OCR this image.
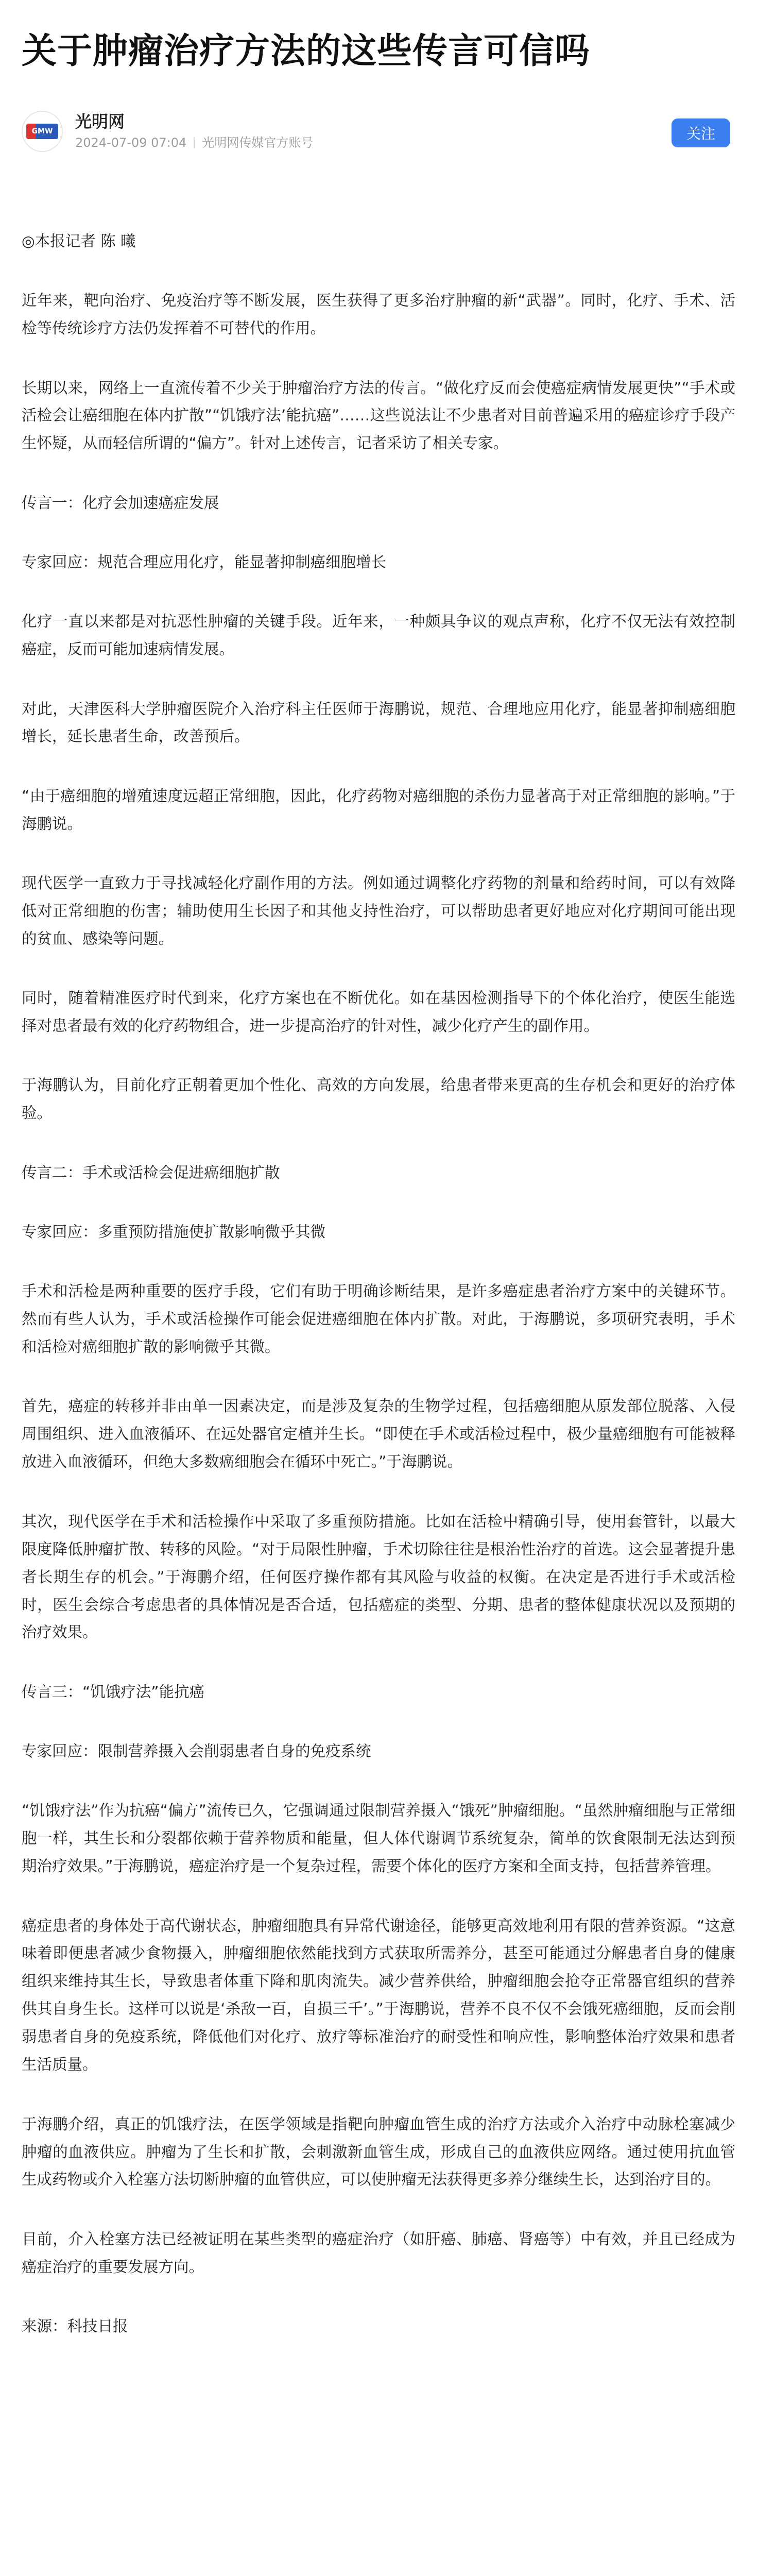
关于肿瘤治疗方法的这些传言可信吗
GMW	光明网
2024-07-09 07:04 光明网传媒官方账号
关注

◎本报记者 陈 曦

近年来，靶向治疗、免疫治疗等不断发展，医生获得了更多治疗肿瘤的新“武器”。同时，化疗、手术、活检等传统诊疗方法仍发挥着不可替代的作用。

长期以来，网络上一直流传着不少关于肿瘤治疗方法的传言。“做化疗反而会使癌症病情发展更快”“手术或活检会让癌细胞在体内扩散”“饥饿疗法’能抗癌”……这些说法让不少患者对目前普遍采用的癌症诊疗手段产生怀疑，从而轻信所谓的“偏方”。针对上述传言，记者采访了相关专家。

传言一：化疗会加速癌症发展

专家回应：规范合理应用化疗，能显著抑制癌细胞增长

化疗一直以来都是对抗恶性肿瘤的关键手段。近年来，一种颇具争议的观点声称，化疗不仅无法有效控制癌症，反而可能加速病情发展。

对此，天津医科大学肿瘤医院介入治疗科主任医师于海鹏说，规范、合理地应用化疗，能显著抑制癌细胞增长，延长患者生命，改善预后。

“由于癌细胞的增殖速度远超正常细胞，因此，化疗药物对癌细胞的杀伤力显著高于对正常细胞的影响。”于海鹏说。

现代医学一直致力于寻找减轻化疗副作用的方法。例如通过调整化疗药物的剂量和给药时间，可以有效降低对正常细胞的伤害；辅助使用生长因子和其他支持性治疗，可以帮助患者更好地应对化疗期间可能出现的贫血、感染等问题。

同时，随着精准医疗时代到来，化疗方案也在不断优化。如在基因检测指导下的个体化治疗，使医生能选择对患者最有效的化疗药物组合，进一步提高治疗的针对性，减少化疗产生的副作用。

于海鹏认为，目前化疗正朝着更加个性化、高效的方向发展，给患者带来更高的生存机会和更好的治疗体验。

传言二：手术或活检会促进癌细胞扩散

专家回应：多重预防措施使扩散影响微乎其微

手术和活检是两种重要的医疗手段，它们有助于明确诊断结果，是许多癌症患者治疗方案中的关键环节。然而有些人认为，手术或活检操作可能会促进癌细胞在体内扩散。对此，于海鹏说，多项研究表明，手术和活检对癌细胞扩散的影响微乎其微。

首先，癌症的转移并非由单一因素决定，而是涉及复杂的生物学过程，包括癌细胞从原发部位脱落、入侵周围组织、进入血液循环、在远处器官定植并生长。“即使在手术或活检过程中，极少量癌细胞有可能被释放进入血液循环，但绝大多数癌细胞会在循环中死亡。”于海鹏说。

其次，现代医学在手术和活检操作中采取了多重预防措施。比如在活检中精确引导，使用套管针，以最大限度降低肿瘤扩散、转移的风险。“对于局限性肿瘤，手术切除往往是根治性治疗的首选。这会显著提升患者长期生存的机会。”于海鹏介绍，任何医疗操作都有其风险与收益的权衡。在决定是否进行手术或活检时，医生会综合考虑患者的具体情况是否合适，包括癌症的类型、分期、患者的整体健康状况以及预期的治疗效果。

传言三：“饥饿疗法”能抗癌

专家回应：限制营养摄入会削弱患者自身的免疫系统

“饥饿疗法”作为抗癌“偏方”流传已久，它强调通过限制营养摄入“饿死”肿瘤细胞。“虽然肿瘤细胞与正常细胞一样，其生长和分裂都依赖于营养物质和能量，但人体代谢调节系统复杂，简单的饮食限制无法达到预期治疗效果。”于海鹏说，癌症治疗是一个复杂过程，需要个体化的医疗方案和全面支持，包括营养管理。

癌症患者的身体处于高代谢状态，肿瘤细胞具有异常代谢途径，能够更高效地利用有限的营养资源。“这意味着即便患者减少食物摄入，肿瘤细胞依然能找到方式获取所需养分，甚至可能通过分解患者自身的健康组织来维持其生长，导致患者体重下降和肌肉流失。减少营养供给，肿瘤细胞会抢夺正常器官组织的营养供其自身生长。这样可以说是‘杀敌一百，自损三千’。”于海鹏说，营养不良不仅不会饿死癌细胞，反而会削弱患者自身的免疫系统，降低他们对化疗、放疗等标准治疗的耐受性和响应性，影响整体治疗效果和患者生活质量。

于海鹏介绍，真正的饥饿疗法，在医学领域是指靶向肿瘤血管生成的治疗方法或介入治疗中动脉栓塞减少肿瘤的血液供应。肿瘤为了生长和扩散，会刺激新血管生成，形成自己的血液供应网络。通过使用抗血管生成药物或介入栓塞方法切断肿瘤的血管供应，可以使肿瘤无法获得更多养分继续生长，达到治疗目的。

目前，介入栓塞方法已经被证明在某些类型的癌症治疗（如肝癌、肺癌、肾癌等）中有效，并且已经成为癌症治疗的重要发展方向。

来源：科技日报
